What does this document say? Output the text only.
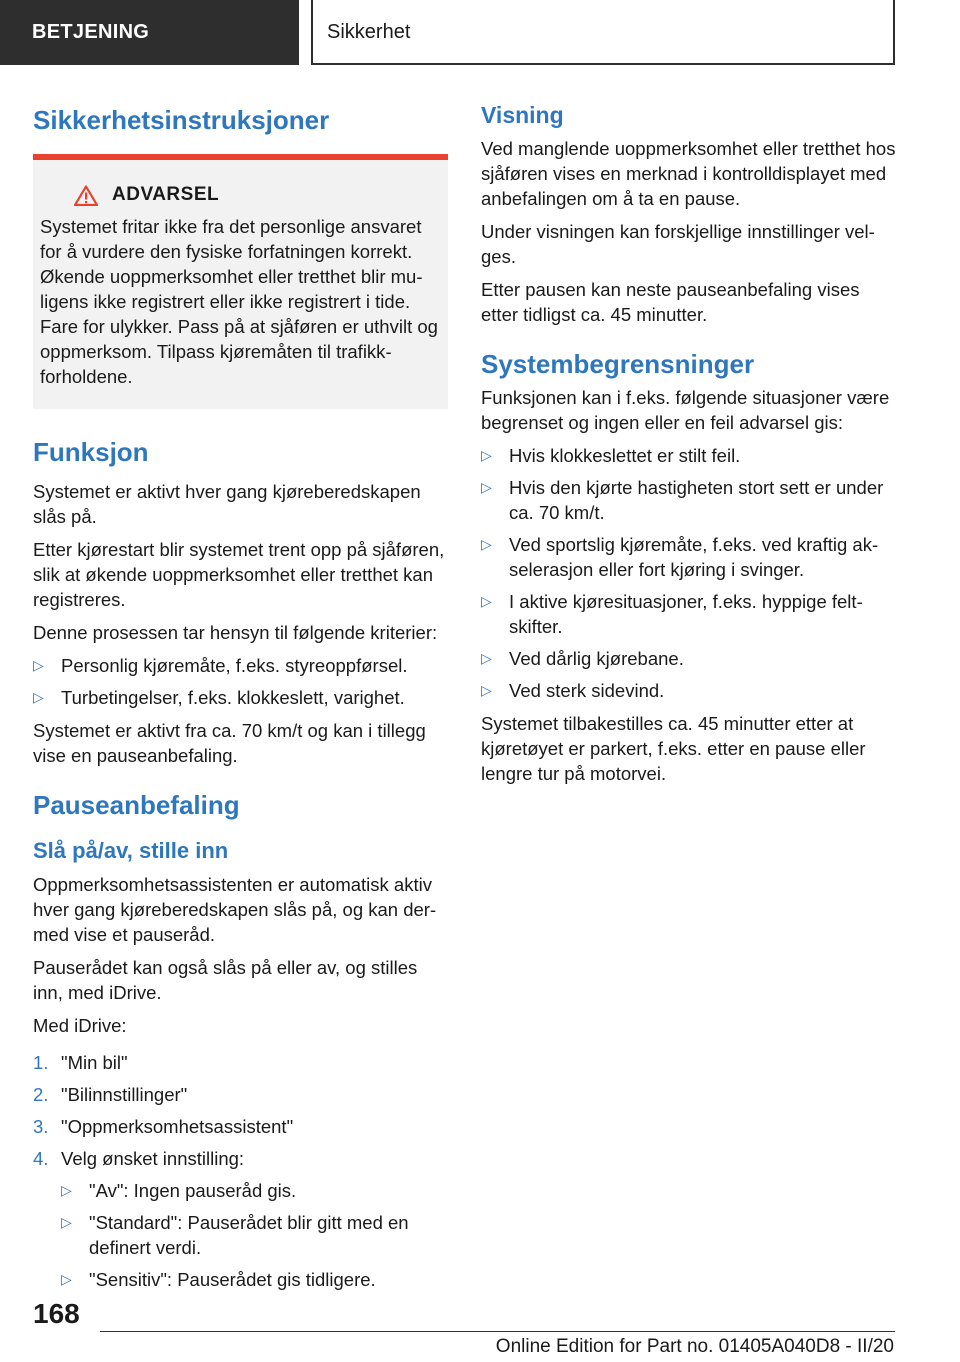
BETJENING	Sikkerhet
Sikkerhetsinstruksjoner
ADVARSEL
Systemet fritar ikke fra det personlige ansvaret for å vurdere den fysiske forfatningen korrekt. Økende uoppmerksomhet eller tretthet blir muligens ikke registrert eller ikke registrert i tide. Fare for ulykker. Pass på at sjåføren er uthvilt og oppmerksom. Tilpass kjøremåten til trafikkforholdene.
Funksjon

Systemet er aktivt hver gang kjøreberedskapen slås på.

Etter kjørestart blir systemet trent opp på sjåføren, slik at økende uoppmerksomhet eller tretthet kan registreres.

Denne prosessen tar hensyn til følgende kriterier:

▷ Personlig kjøremåte, f.eks. styreoppførsel.
▷ Turbetingelser, f.eks. klokkeslett, varighet.

Systemet er aktivt fra ca. 70 km/t og kan i tillegg vise en pauseanbefaling.

Pauseanbefaling
Slå på/av, stille inn

Oppmerksomhetsassistenten er automatisk aktiv hver gang kjøreberedskapen slås på, og kan dermed vise et pauseråd.

Pauserådet kan også slås på eller av, og stilles inn, med iDrive.

Med iDrive:

1. "Min bil"
2. "Bilinnstillinger"
3. "Oppmerksomhetsassistent"
4. Velg ønsket innstilling:
▷ "Av": Ingen pauseråd gis.
▷ "Standard": Pauserådet blir gitt med en definert verdi.
▷ "Sensitiv": Pauserådet gis tidligere.
Visning

Ved manglende uoppmerksomhet eller tretthet hos sjåføren vises en merknad i kontrolldisplayet med anbefalingen om å ta en pause.

Under visningen kan forskjellige innstillinger velges.

Etter pausen kan neste pauseanbefaling vises etter tidligst ca. 45 minutter.

Systembegrensninger

Funksjonen kan i f.eks. følgende situasjoner være begrenset og ingen eller en feil advarsel gis:

▷ Hvis klokkeslettet er stilt feil.
▷ Hvis den kjørte hastigheten stort sett er under ca. 70 km/t.
▷ Ved sportslig kjøremåte, f.eks. ved kraftig akselerasjon eller fort kjøring i svinger.
▷ I aktive kjøresituasjoner, f.eks. hyppige feltskifter.
▷ Ved dårlig kjørebane.
▷ Ved sterk sidevind.

Systemet tilbakestilles ca. 45 minutter etter at kjøretøyet er parkert, f.eks. etter en pause eller lengre tur på motorvei.

168
Online Edition for Part no. 01405A040D8 - II/20
